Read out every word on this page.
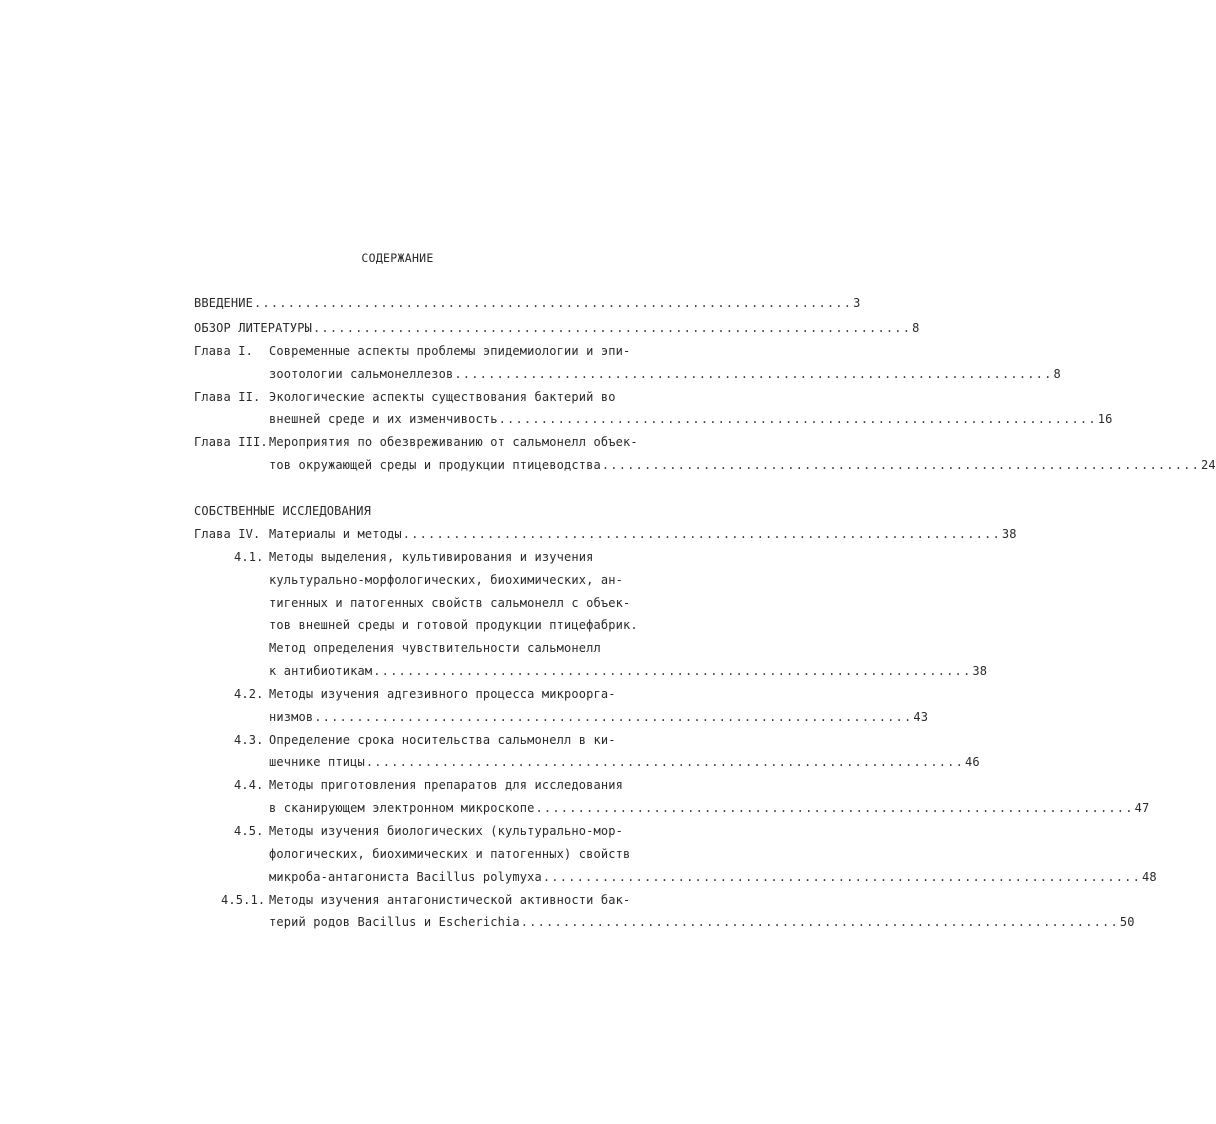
СОДЕРЖАНИЕ
ВВЕДЕНИЕ ....................................................................... 3
ОБЗОР ЛИТЕРАТУРЫ ....................................................................... 8
Глава I. Современные аспекты проблемы эпидемиологии и эпи-
зоотологии сальмонеллезов ....................................................................... 8
Глава II. Экологические аспекты существования бактерий во
внешней среде и их изменчивость ....................................................................... 16
Глава III. Мероприятия по обезвреживанию от сальмонелл объек-
тов окружающей среды и продукции птицеводства ....................................................................... 24
СОБСТВЕННЫЕ ИССЛЕДОВАНИЯ
Глава IV. Материалы и методы ....................................................................... 38
4.1. Методы выделения, культивирования и изучения
культурально-морфологических, биохимических, ан-
тигенных и патогенных свойств сальмонелл с объек-
тов внешней среды и готовой продукции птицефабрик.
Метод определения чувствительности сальмонелл
к антибиотикам ....................................................................... 38
4.2. Методы изучения адгезивного процесса микроорга-
низмов ....................................................................... 43
4.3. Определение срока носительства сальмонелл в ки-
шечнике птицы ....................................................................... 46
4.4. Методы приготовления препаратов для исследования
в сканирующем электронном микроскопе ....................................................................... 47
4.5. Методы изучения биологических (культурально-мор-
фологических, биохимических и патогенных) свойств
микроба-антагониста Bacillus polymyxa ....................................................................... 48
4.5.1. Методы изучения антагонистической активности бак-
терий родов Bacillus и Escherichia ....................................................................... 50
